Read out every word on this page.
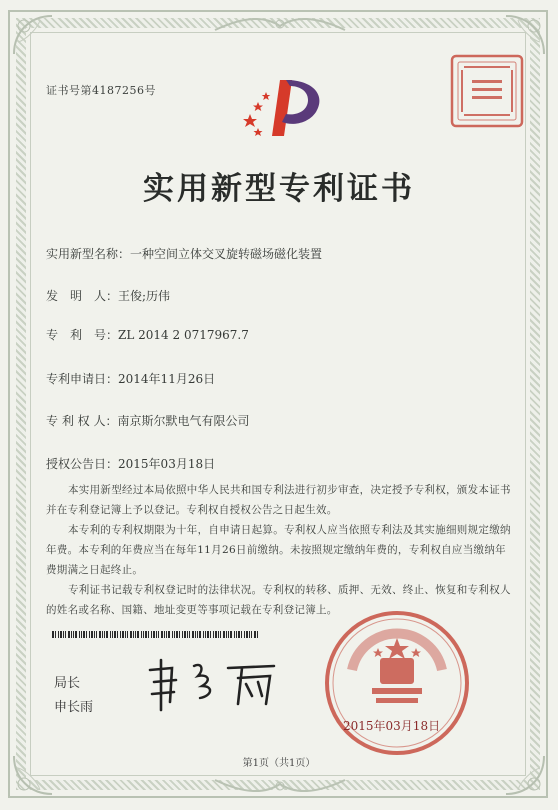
证书号第4187256号
实用新型专利证书
实用新型名称：一种空间立体交叉旋转磁场磁化装置
发　明　人：王俊;历伟
专　利　号：ZL 2014 2 0717967.7
专利申请日：2014年11月26日
专 利 权 人：南京斯尔默电气有限公司
授权公告日：2015年03月18日

本实用新型经过本局依照中华人民共和国专利法进行初步审查，决定授予专利权，颁发本证书并在专利登记簿上予以登记。专利权自授权公告之日起生效。

本专利的专利权期限为十年，自申请日起算。专利权人应当依照专利法及其实施细则规定缴纳年费。本专利的年费应当在每年11月26日前缴纳。未按照规定缴纳年费的，专利权自应当缴纳年费期满之日起终止。

专利证书记载专利权登记时的法律状况。专利权的转移、质押、无效、终止、恢复和专利权人的姓名或名称、国籍、地址变更等事项记载在专利登记簿上。

局长
申长雨
2015年03月18日
第1页（共1页）
